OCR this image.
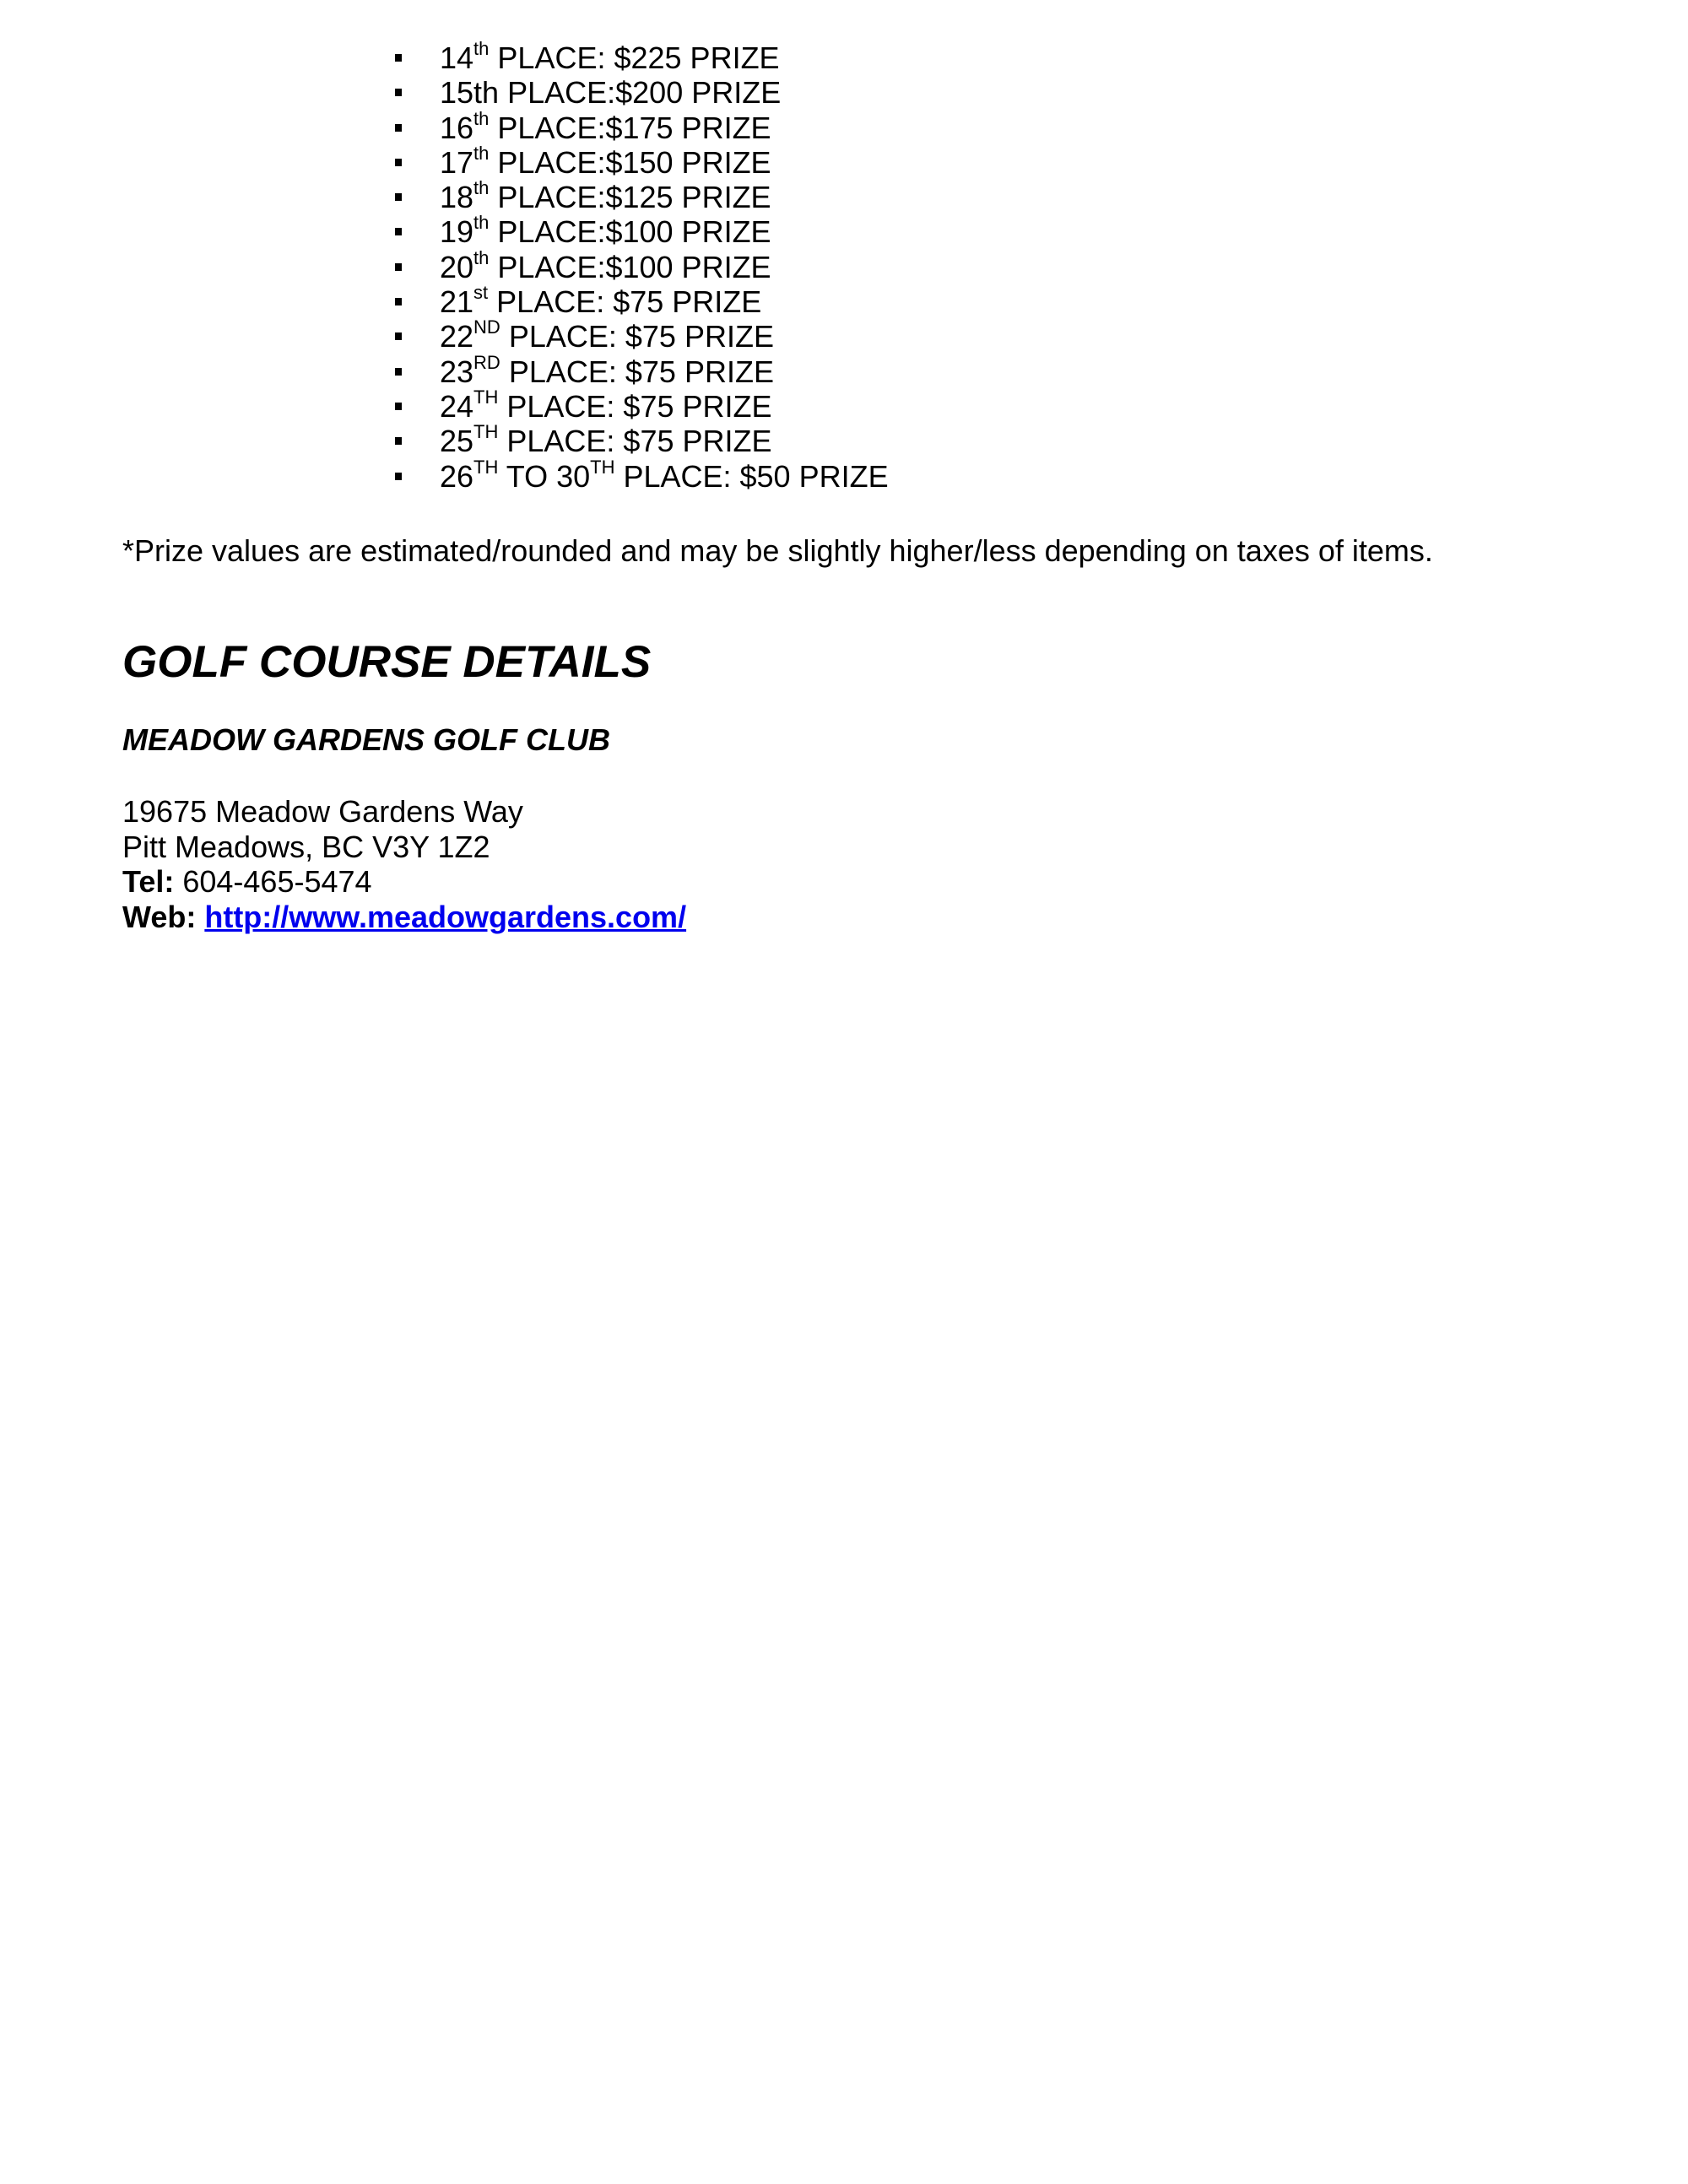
14th PLACE: $225 PRIZE
15th PLACE:$200 PRIZE
16th PLACE:$175 PRIZE
17th PLACE:$150 PRIZE
18th PLACE:$125 PRIZE
19th PLACE:$100 PRIZE
20th PLACE:$100 PRIZE
21st PLACE: $75 PRIZE
22ND PLACE: $75 PRIZE
23RD PLACE: $75 PRIZE
24TH PLACE: $75 PRIZE
25TH PLACE: $75 PRIZE
26TH TO 30TH PLACE: $50 PRIZE

*Prize values are estimated/rounded and may be slightly higher/less depending on taxes of items.

GOLF COURSE DETAILS
MEADOW GARDENS GOLF CLUB
19675 Meadow Gardens Way
Pitt Meadows, BC V3Y 1Z2
Tel: 604-465-5474
Web: http://www.meadowgardens.com/
